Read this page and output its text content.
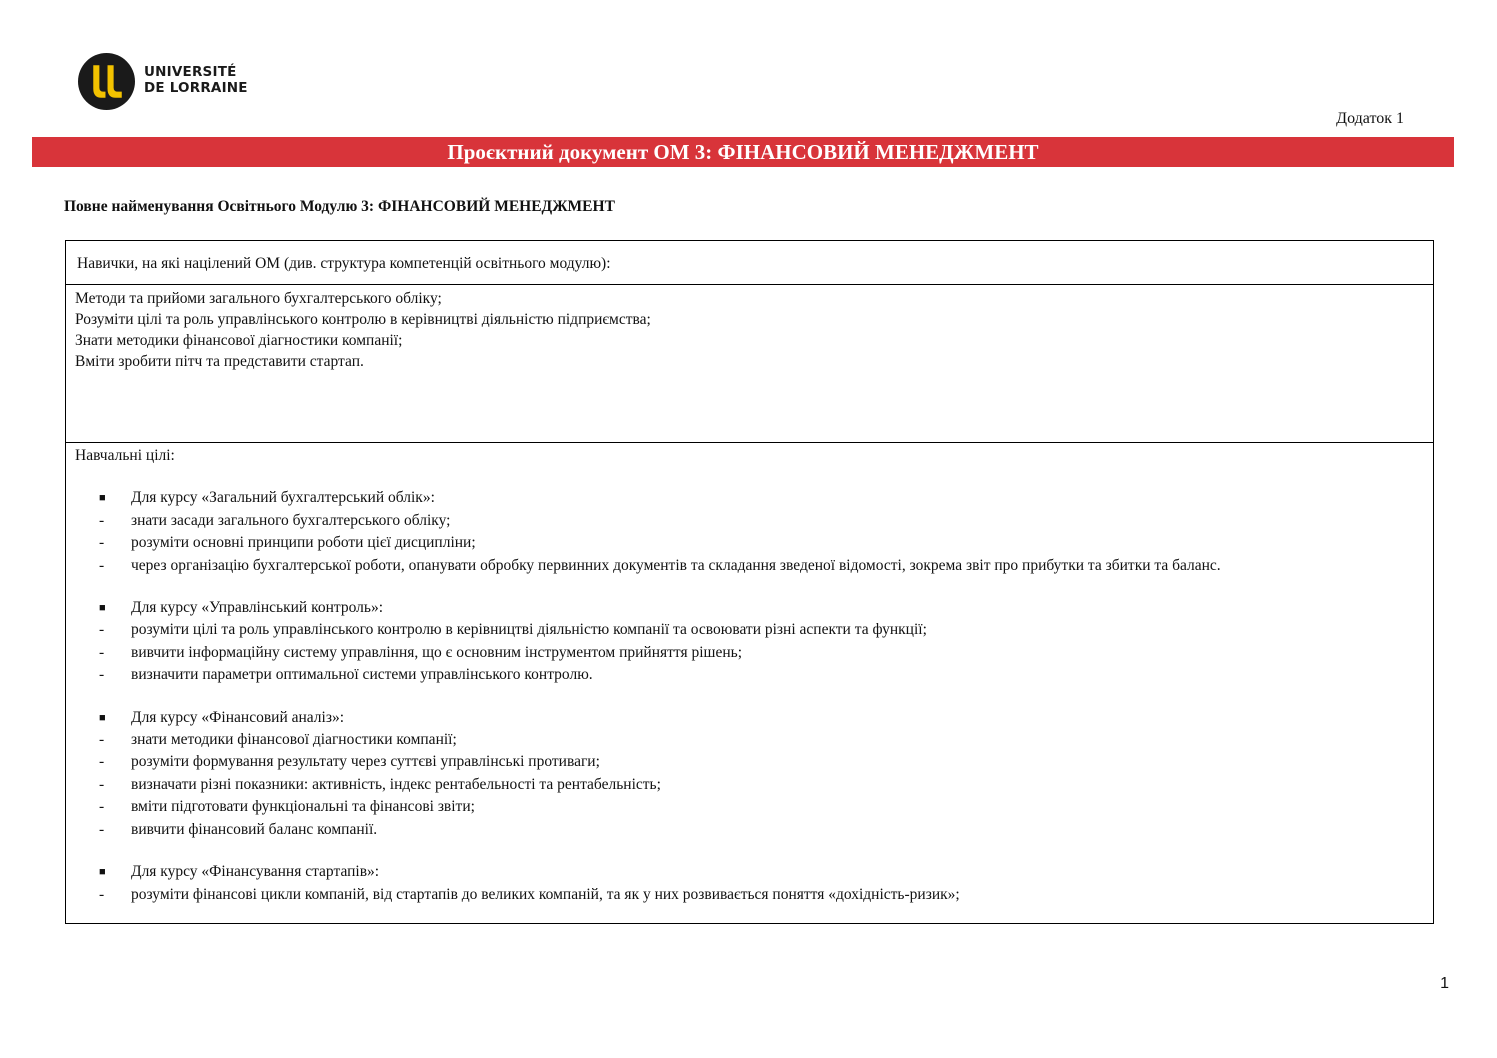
UNIVERSITÉ
DE LORRAINE
Додаток 1
Проєктний документ ОМ 3: ФІНАНСОВИЙ МЕНЕДЖМЕНТ
Повне найменування Освітнього Модулю 3: ФІНАНСОВИЙ МЕНЕДЖМЕНТ
Навички, на які націлений ОМ (див. структура компетенцій освітнього модулю):
Методи та прийоми загального бухгалтерського обліку;
Розуміти цілі та роль управлінського контролю в керівництві діяльністю підприємства;
Знати методики фінансової діагностики компанії;
Вміти зробити пітч та представити стартап.
Навчальні цілі:
■ Для курсу «Загальний бухгалтерський облік»:
- знати засади загального бухгалтерського обліку;
- розуміти основні принципи роботи цієї дисципліни;
- через організацію бухгалтерської роботи, опанувати обробку первинних документів та складання зведеної відомості, зокрема звіт про прибутки та збитки та баланс.
■ Для курсу «Управлінський контроль»:
- розуміти цілі та роль управлінського контролю в керівництві діяльністю компанії та освоювати різні аспекти та функції;
- вивчити інформаційну систему управління, що є основним інструментом прийняття рішень;
- визначити параметри оптимальної системи управлінського контролю.
■ Для курсу «Фінансовий аналіз»:
- знати методики фінансової діагностики компанії;
- розуміти формування результату через суттєві управлінські противаги;
- визначати різні показники: активність, індекс рентабельності та рентабельність;
- вміти підготовати функціональні та фінансові звіти;
- вивчити фінансовий баланс компанії.
■ Для курсу «Фінансування стартапів»:
- розуміти фінансові цикли компаній, від стартапів до великих компаній, та як у них розвивається поняття «дохідність-ризик»;
1
